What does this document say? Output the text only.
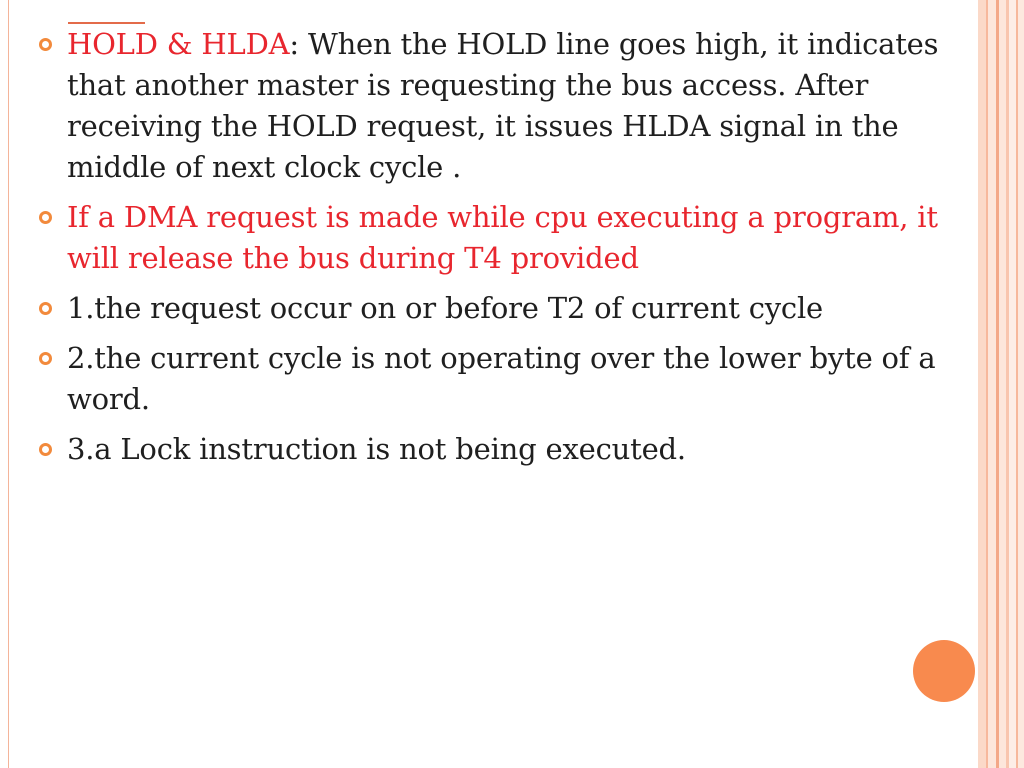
HOLD & HLDA: When the HOLD line goes high, it indicates that another master is requesting the bus access. After receiving the HOLD request, it issues HLDA signal in the middle of next clock cycle .
If a DMA request is made while cpu executing a program, it will release the bus during T4 provided
1.the request occur on or before T2 of current cycle
2.the current cycle is not operating over the lower byte of a word.
3.a Lock instruction is not being executed.
